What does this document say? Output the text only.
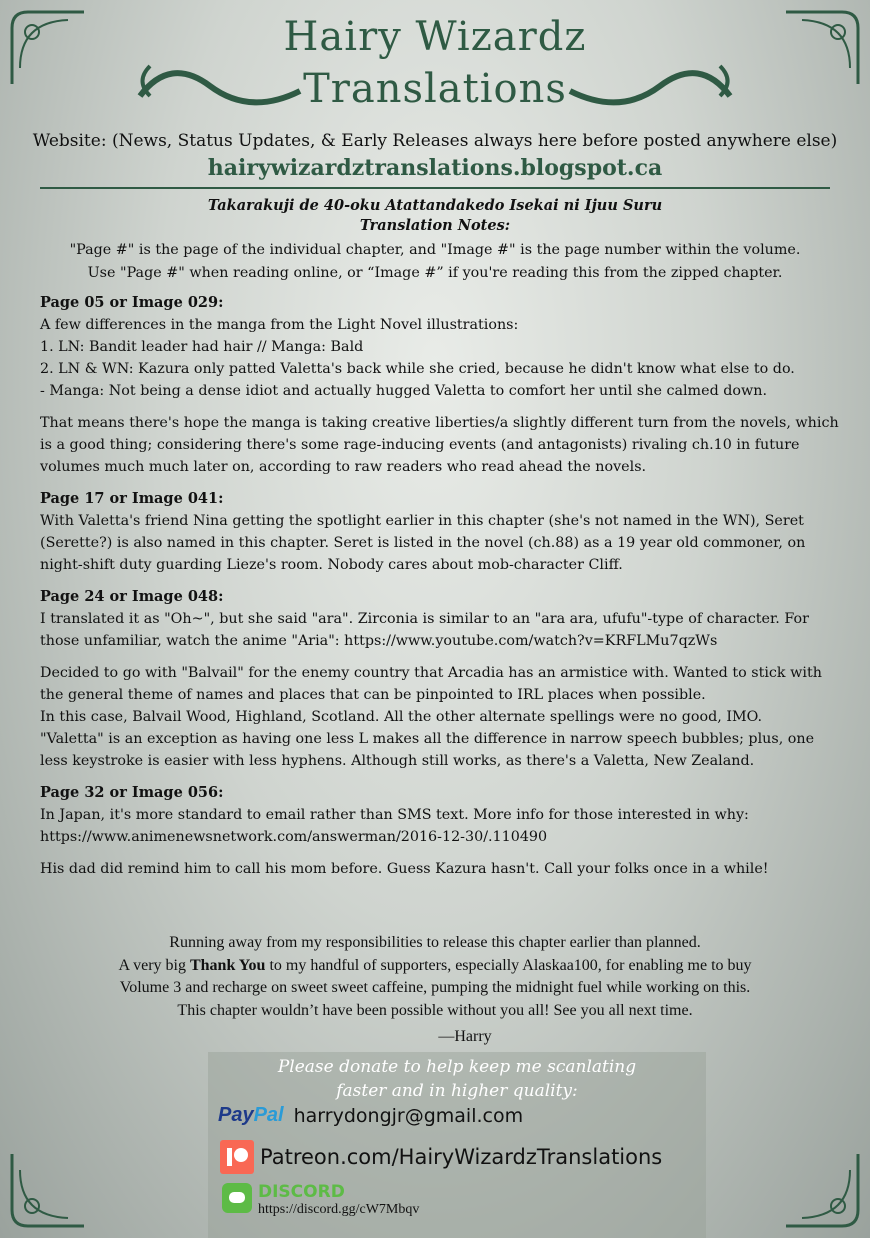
Hairy Wizardz
Translations
Website: (News, Status Updates, & Early Releases always here before posted anywhere else)
hairywizardztranslations.blogspot.ca
Takarakuji de 40-oku Atattandakedo Isekai ni Ijuu Suru
Translation Notes:
"Page #" is the page of the individual chapter, and "Image #" is the page number within the volume.
Use "Page #" when reading online, or “Image #” if you're reading this from the zipped chapter.

Page 05 or Image 029:

A few differences in the manga from the Light Novel illustrations:

1. LN: Bandit leader had hair // Manga: Bald

2. LN & WN: Kazura only patted Valetta's back while she cried, because he didn't know what else to do.

- Manga: Not being a dense idiot and actually hugged Valetta to comfort her until she calmed down.

That means there's hope the manga is taking creative liberties/a slightly different turn from the novels, which is a good thing; considering there's some rage-inducing events (and antagonists) rivaling ch.10 in future volumes much much later on, according to raw readers who read ahead the novels.

Page 17 or Image 041:

With Valetta's friend Nina getting the spotlight earlier in this chapter (she's not named in the WN), Seret (Serette?) is also named in this chapter. Seret is listed in the novel (ch.88) as a 19 year old commoner, on night-shift duty guarding Lieze's room. Nobody cares about mob-character Cliff.

Page 24 or Image 048:

I translated it as "Oh~", but she said "ara". Zirconia is similar to an "ara ara, ufufu"-type of character. For those unfamiliar, watch the anime "Aria": https://www.youtube.com/watch?v=KRFLMu7qzWs

Decided to go with "Balvail" for the enemy country that Arcadia has an armistice with. Wanted to stick with the general theme of names and places that can be pinpointed to IRL places when possible.

In this case, Balvail Wood, Highland, Scotland. All the other alternate spellings were no good, IMO.

"Valetta" is an exception as having one less L makes all the difference in narrow speech bubbles; plus, one less keystroke is easier with less hyphens. Although still works, as there's a Valetta, New Zealand.

Page 32 or Image 056:

In Japan, it's more standard to email rather than SMS text. More info for those interested in why:

https://www.animenewsnetwork.com/answerman/2016-12-30/.110490

His dad did remind him to call his mom before. Guess Kazura hasn't. Call your folks once in a while!

Running away from my responsibilities to release this chapter earlier than planned.
A very big Thank You to my handful of supporters, especially Alaskaa100, for enabling me to buy
Volume 3 and recharge on sweet sweet caffeine, pumping the midnight fuel while working on this.
This chapter wouldn’t have been possible without you all! See you all next time.
—Harry
Please donate to help keep me scanlating
faster and in higher quality:
PayPal harrydongjr@gmail.com
Patreon.com/HairyWizardzTranslations
DISCORD
https://discord.gg/cW7Mbqv
